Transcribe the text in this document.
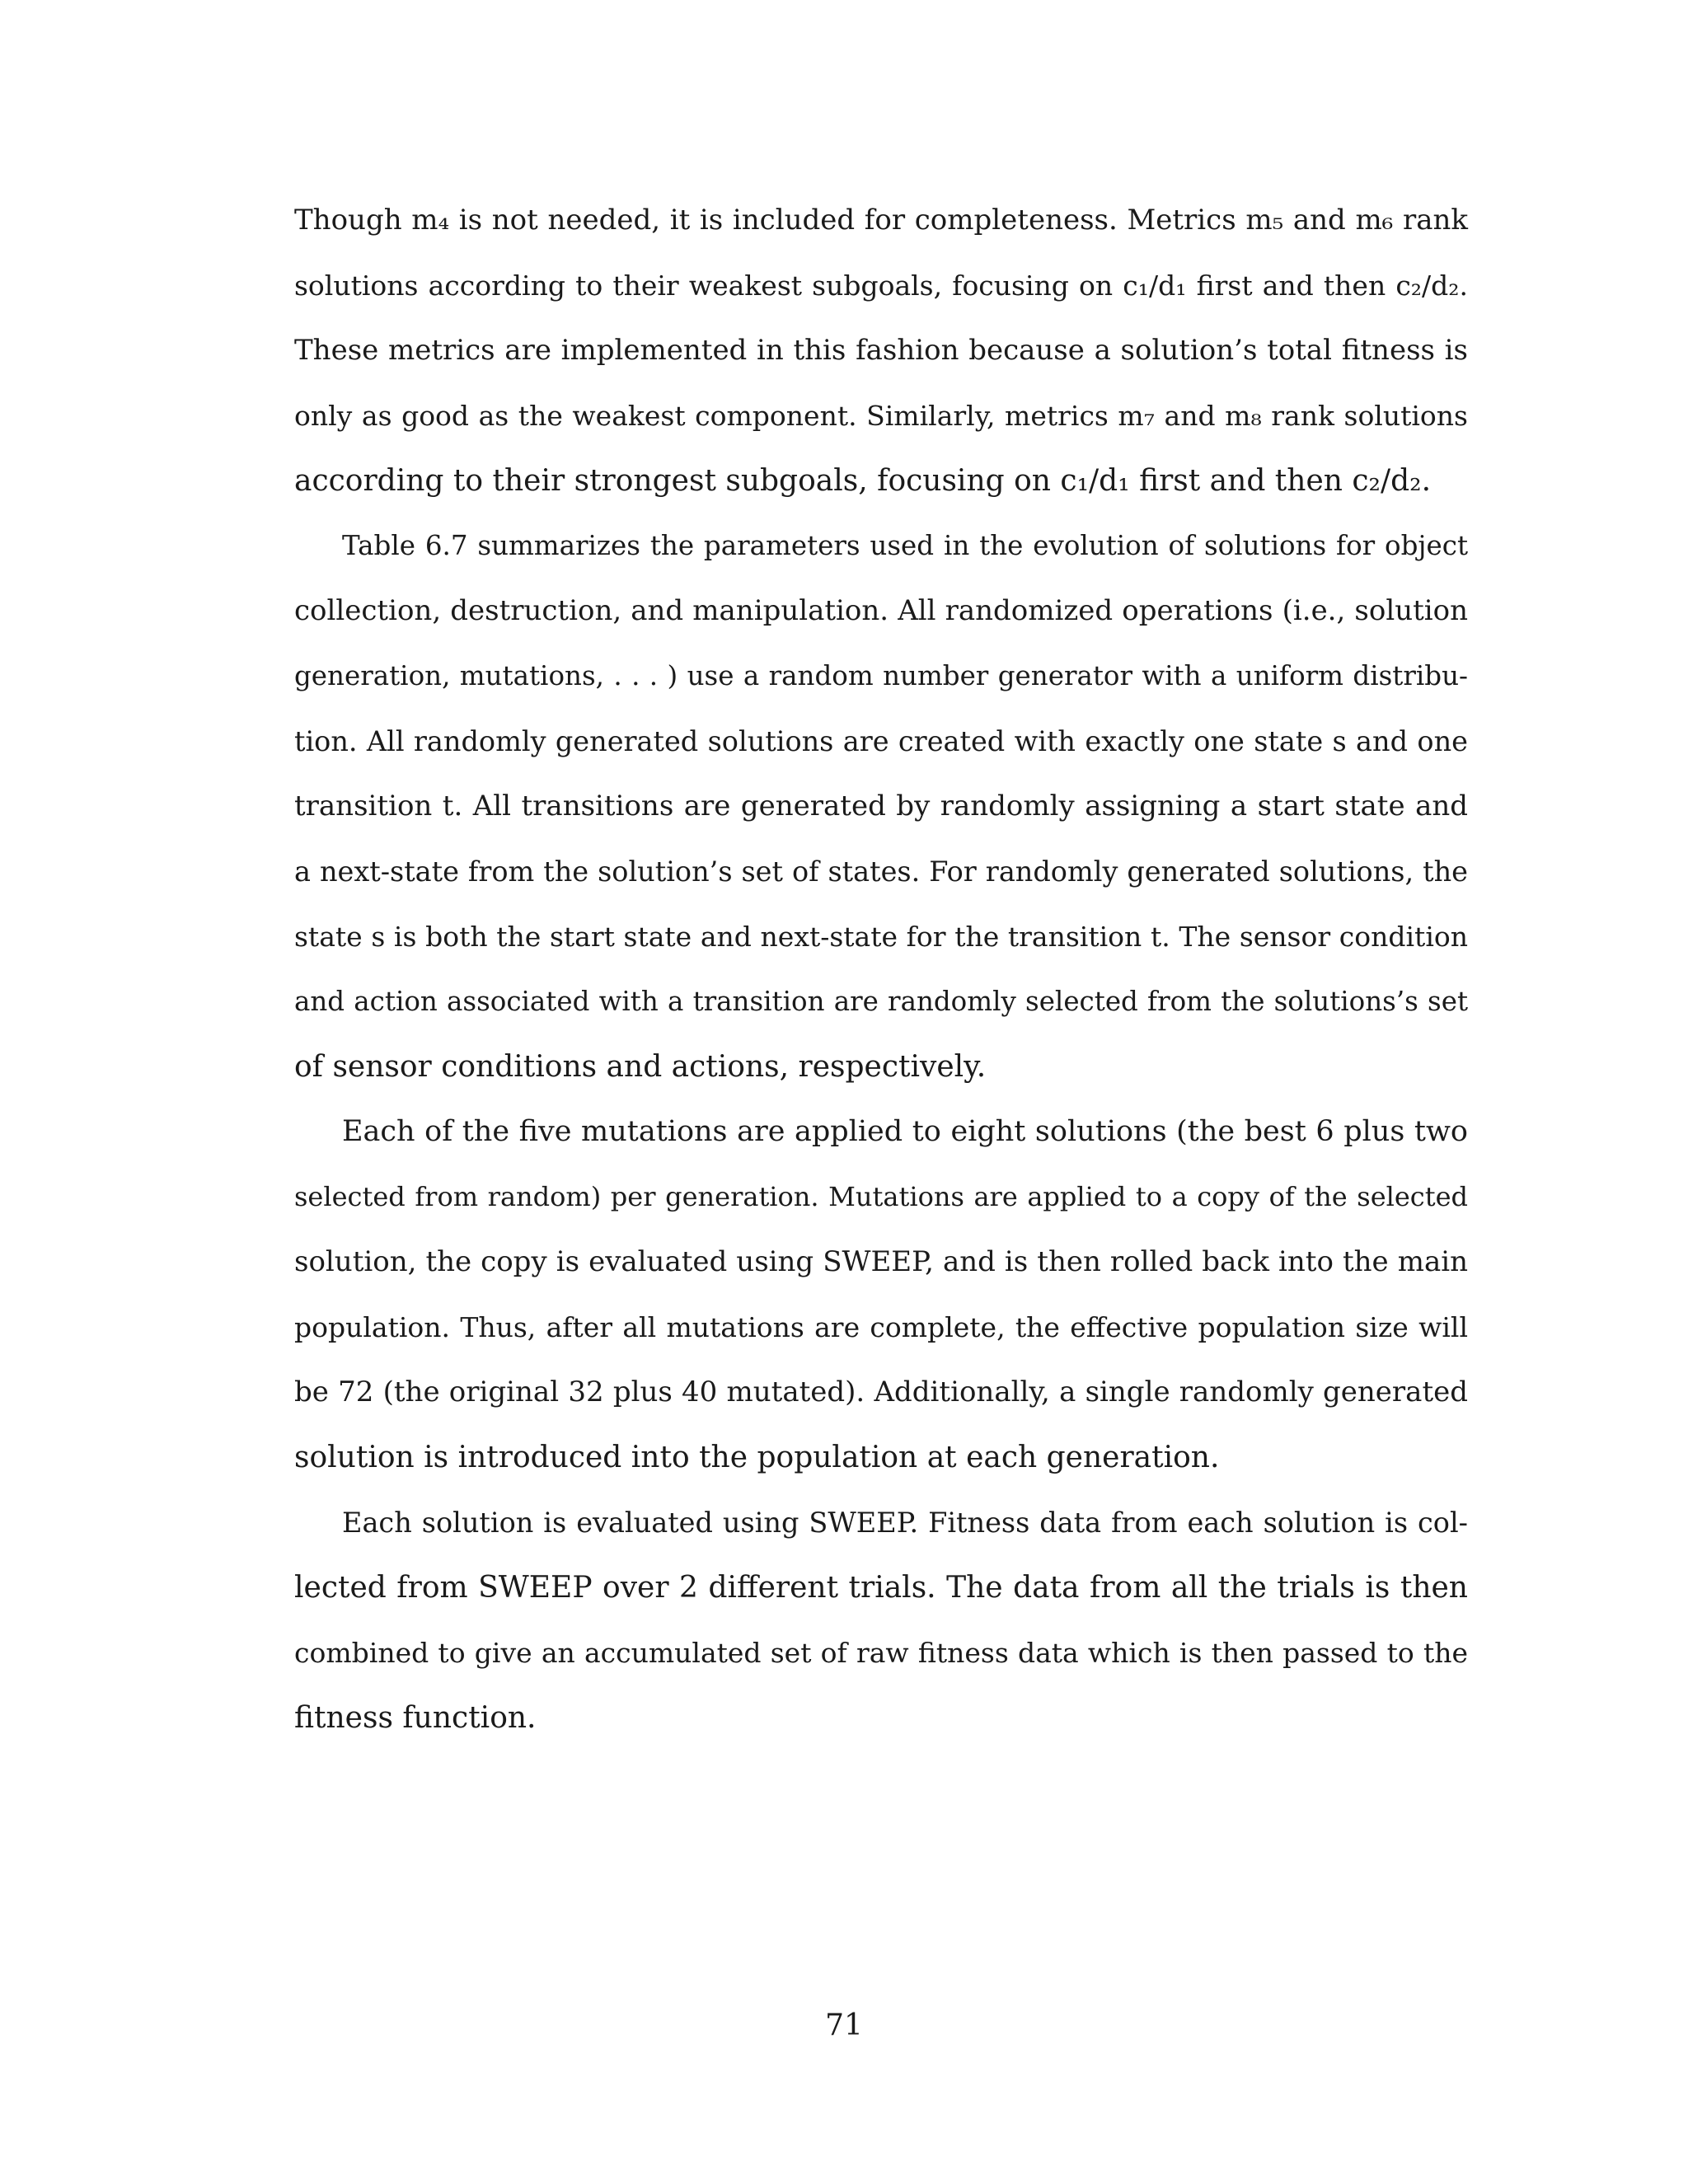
Though m₄ is not needed, it is included for completeness. Metrics m₅ and m₆ rank
solutions according to their weakest subgoals, focusing on c₁/d₁ first and then c₂/d₂.
These metrics are implemented in this fashion because a solution’s total fitness is
only as good as the weakest component. Similarly, metrics m₇ and m₈ rank solutions
according to their strongest subgoals, focusing on c₁/d₁ first and then c₂/d₂.

Table 6.7 summarizes the parameters used in the evolution of solutions for object
collection, destruction, and manipulation. All randomized operations (i.e., solution
generation, mutations, . . . ) use a random number generator with a uniform distribu-
tion. All randomly generated solutions are created with exactly one state s and one
transition t. All transitions are generated by randomly assigning a start state and
a next-state from the solution’s set of states. For randomly generated solutions, the
state s is both the start state and next-state for the transition t. The sensor condition
and action associated with a transition are randomly selected from the solutions’s set
of sensor conditions and actions, respectively.

Each of the five mutations are applied to eight solutions (the best 6 plus two
selected from random) per generation. Mutations are applied to a copy of the selected
solution, the copy is evaluated using SWEEP, and is then rolled back into the main
population. Thus, after all mutations are complete, the effective population size will
be 72 (the original 32 plus 40 mutated). Additionally, a single randomly generated
solution is introduced into the population at each generation.

Each solution is evaluated using SWEEP. Fitness data from each solution is col-
lected from SWEEP over 2 different trials. The data from all the trials is then
combined to give an accumulated set of raw fitness data which is then passed to the
fitness function.

71
